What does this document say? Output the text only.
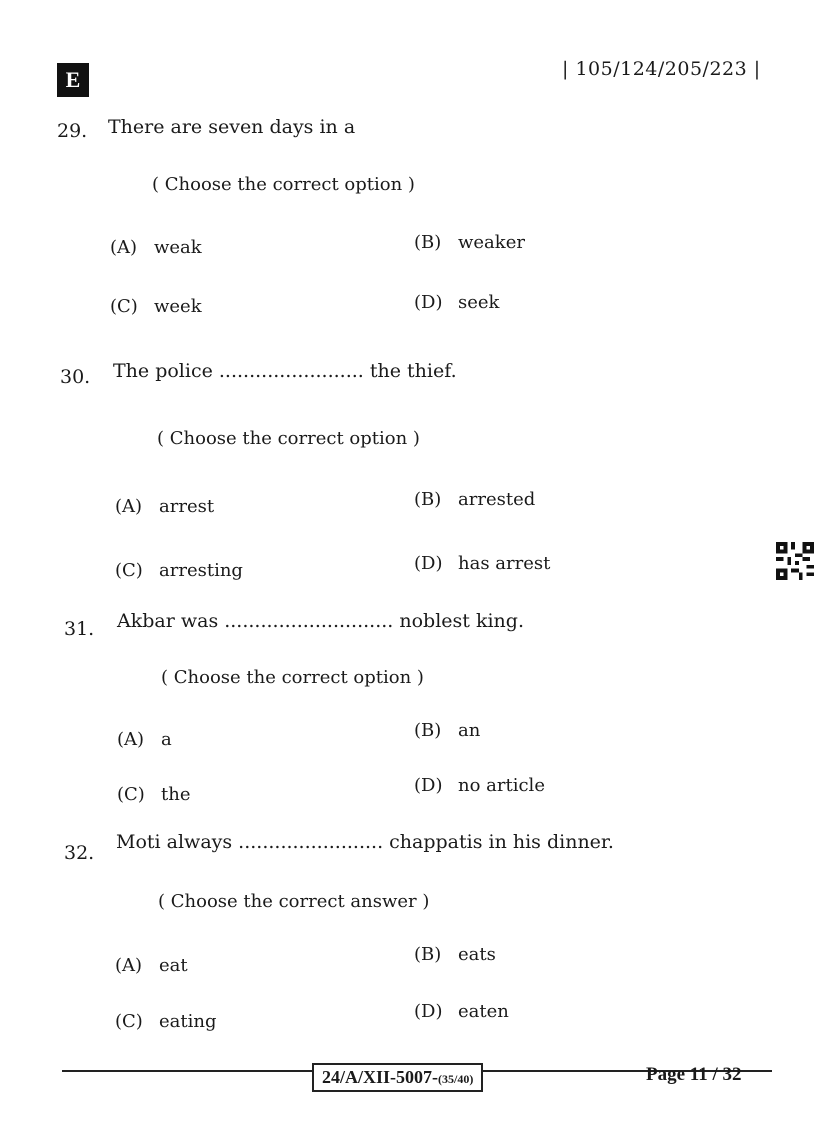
E	| 105/124/205/223 |
29. There are seven days in a
( Choose the correct option )
(A) weak	(B) weaker
(C) week	(D) seek
30. The police ........................ the thief.
( Choose the correct option )
(A) arrest	(B) arrested
(C) arresting	(D) has arrest
31. Akbar was ............................ noblest king.
( Choose the correct option )
(A) a	(B) an
(C) the	(D) no article
32. Moti always ........................ chappatis in his dinner.
( Choose the correct answer )
(A) eat
(B) eats
(C) eating	(D) eaten
24/A/XII-5007-(35/40)	Page 11 / 32
